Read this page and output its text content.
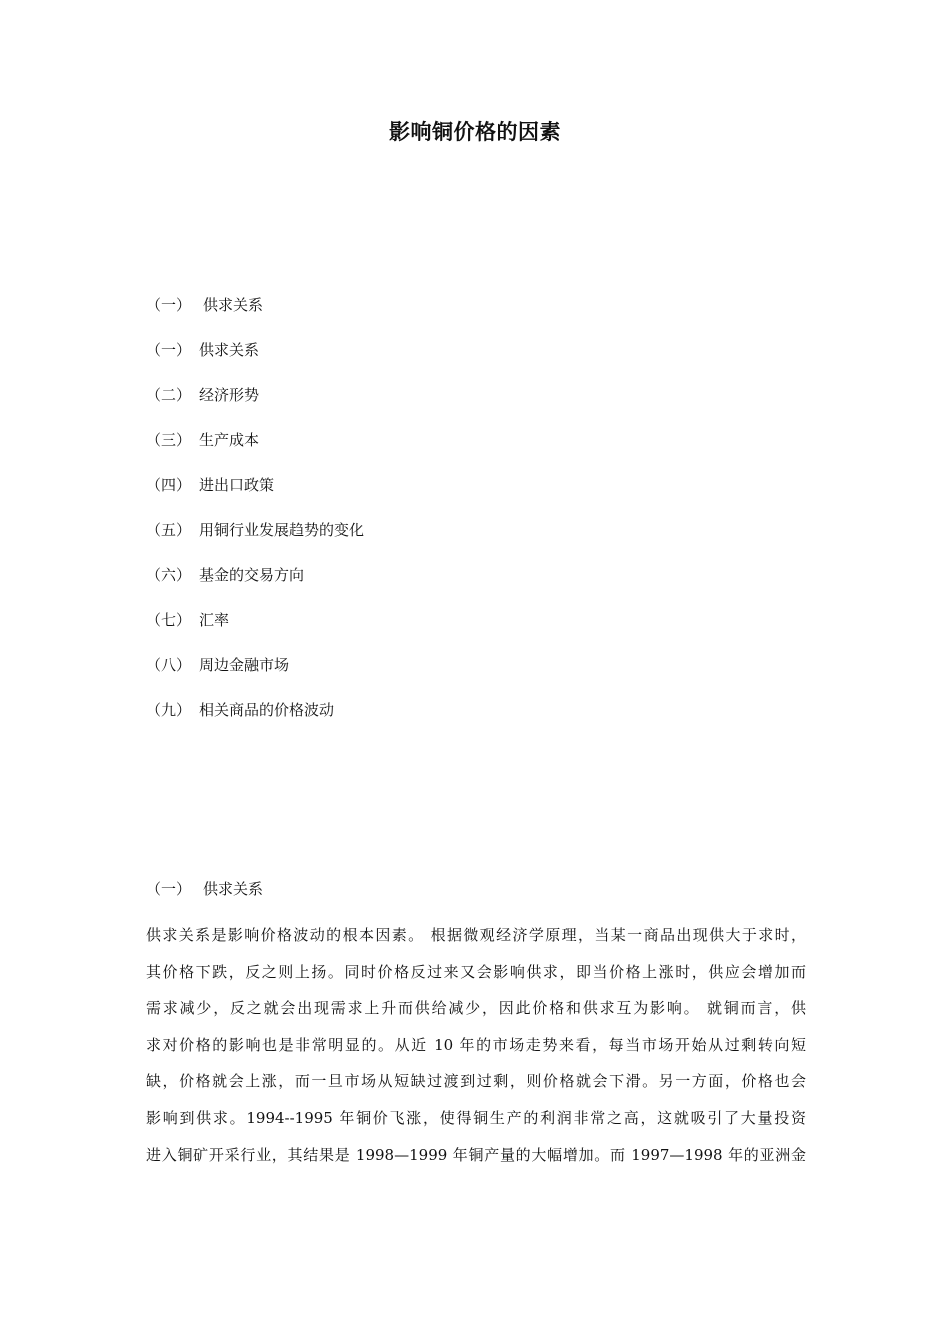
影响铜价格的因素
（一） 供求关系
（一） 供求关系
（二） 经济形势
（三） 生产成本
（四） 进出口政策
（五） 用铜行业发展趋势的变化
（六） 基金的交易方向
（七） 汇率
（八） 周边金融市场
（九） 相关商品的价格波动
（一） 供求关系
供求关系是影响价格波动的根本因素。 根据微观经济学原理，当某一商品出现供大于求时，
其价格下跌，反之则上扬。同时价格反过来又会影响供求，即当价格上涨时，供应会增加而
需求减少，反之就会出现需求上升而供给减少，因此价格和供求互为影响。 就铜而言，供
求对价格的影响也是非常明显的。从近 10 年的市场走势来看，每当市场开始从过剩转向短
缺，价格就会上涨，而一旦市场从短缺过渡到过剩，则价格就会下滑。另一方面，价格也会
影响到供求。1994--1995 年铜价飞涨，使得铜生产的利润非常之高，这就吸引了大量投资
进入铜矿开采行业，其结果是 1998—1999 年铜产量的大幅增加。而 1997—1998 年的亚洲金
